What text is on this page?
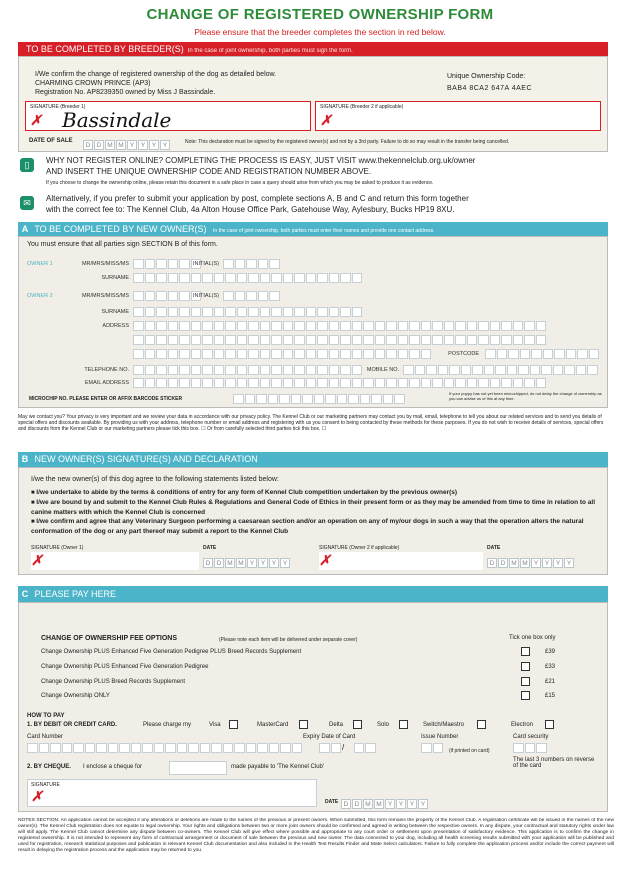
CHANGE OF REGISTERED OWNERSHIP FORM
Please ensure that the breeder completes the section in red below.
TO BE COMPLETED BY BREEDER(S) In the case of joint ownership, both parties must sign the form.
I/We confirm the change of registered ownership of the dog as detailed below.
CHARMING CROWN PRINCE (AP3)
Registration No. AP8239350 owned by Miss J Bassindale.
Unique Ownership Code:
BAB4 8CA2 647A 4AEC
SIGNATURE (Breeder 1)
✗ Bassindale
SIGNATURE (Breeder 2 if applicable)
✗
DATE OF SALE
D D M M Y Y Y Y	Note: This declaration must be signed by the registered owner(s) and not by a 3rd party. Failure to do so may result in the transfer being cancelled.
▯	WHY NOT REGISTER ONLINE? COMPLETING THE PROCESS IS EASY, JUST VISIT www.thekennelclub.org.uk/owner
AND INSERT THE UNIQUE OWNERSHIP CODE AND REGISTRATION NUMBER ABOVE.
If you choose to change the ownership online, please retain this document in a safe place in case a query should arise from which you may be asked to produce it as evidence.
✉	Alternatively, if you prefer to submit your application by post, complete sections A, B and C and return this form together
with the correct fee to: The Kennel Club, 4a Alton House Office Park, Gatehouse Way, Aylesbury, Bucks HP19 8XU.
A TO BE COMPLETED BY NEW OWNER(S) In the case of joint ownership, both parties must enter their names and provide one contact address.
You must ensure that all parties sign SECTION B of this form.
OWNER 1	MR/MRS/MISS/MS	INITIAL(S)
SURNAME
OWNER 2	MR/MRS/MISS/MS	INITIAL(S)
SURNAME
ADDRESS
POSTCODE
TELEPHONE NO.	MOBILE NO.
EMAIL ADDRESS
MICROCHIP NO. PLEASE ENTER OR AFFIX BARCODE STICKER
If your puppy has not yet been microchipped, do not delay the change of ownership as you can advise us of this at any time.
May we contact you? Your privacy is very important and we review your data in accordance with our privacy policy. The Kennel Club or our marketing partners may contact you by mail, email, telephone to tell you about our related services and to send you details of special offers and discounts available. By providing us with your address, telephone number or email address and registering with us you consent to being contacted by these methods for these purposes. If you do not wish to receive details of services, special offers and discounts from the Kennel Club or our marketing partners please tick this box. ☐ Or from carefully selected third parties tick this box. ☐
B NEW OWNER(S) SIGNATURE(S) AND DECLARATION
I/we the new owner(s) of this dog agree to the following statements listed below:
■ I/we undertake to abide by the terms & conditions of entry for any form of Kennel Club competition undertaken by the previous owner(s)
■ I/we are bound by and submit to the Kennel Club Rules & Regulations and General Code of Ethics in their present form or as they may be amended from time to time in relation to all canine matters with which the Kennel Club is concerned
■ I/we confirm and agree that any Veterinary Surgeon performing a caesarean section and/or an operation on any of my/our dogs in such a way that the operation alters the natural conformation of the dog or any part thereof may submit a report to the Kennel Club
SIGNATURE (Owner 1)
✗
DATE
D D M M Y Y Y Y
SIGNATURE (Owner 2 if applicable)
✗
DATE
D D M M Y Y Y Y
C PLEASE PAY HERE
CHANGE OF OWNERSHIP FEE OPTIONS	(Please note each item will be delivered under separate cover)	Tick one box only
Change Ownership PLUS Enhanced Five Generation Pedigree PLUS Breed Records Supplement	£39
Change Ownership PLUS Enhanced Five Generation Pedigree	£33
Change Ownership PLUS Breed Records Supplement	£21
Change Ownership ONLY	£15
HOW TO PAY
1. BY DEBIT OR CREDIT CARD.	Please charge my	Visa	MasterCard	Delta	Solo	Switch/Maestro	Electron
Card Number	Expiry Date of Card
/
Issue Number
(if printed on card)
Card security
The last 3 numbers on reverse of the card
2. BY CHEQUE. I enclose a cheque for	made payable to 'The Kennel Club'
SIGNATURE
✗	DATE D D M M Y Y Y Y
NOTES SECTION: An application cannot be accepted if any alterations or deletions are made to the names of the previous or present owners. When submitted, this form remains the property of the Kennel Club. A registration certificate will be issued in the names of the new owner(s). The Kennel Club registration does not equate to legal ownership. Your rights and obligations between two or more joint owners should be confirmed and agreed in writing between the respective owners. In any dispute, your contractual and statutory rights under law will still apply. The Kennel Club cannot determine any dispute between co-owners. The Kennel Club will give effect where possible and appropriate to any court order or settlement upon presentation of satisfactory evidence. This application is to confirm the change in registered ownership. It is not intended to represent any form of contractual arrangement or document of sale between the previous and new owner. The data connected to your dog, including all health screening results submitted with your application will be published and used for registration, research statistical purposes and publication in relevant Kennel Club documentation and also included in the Health Test Results Finder and Mate Select calculators. Failure to fully complete the application process and/or include the correct payment will result in delaying the registration process and the application may be returned to you.
